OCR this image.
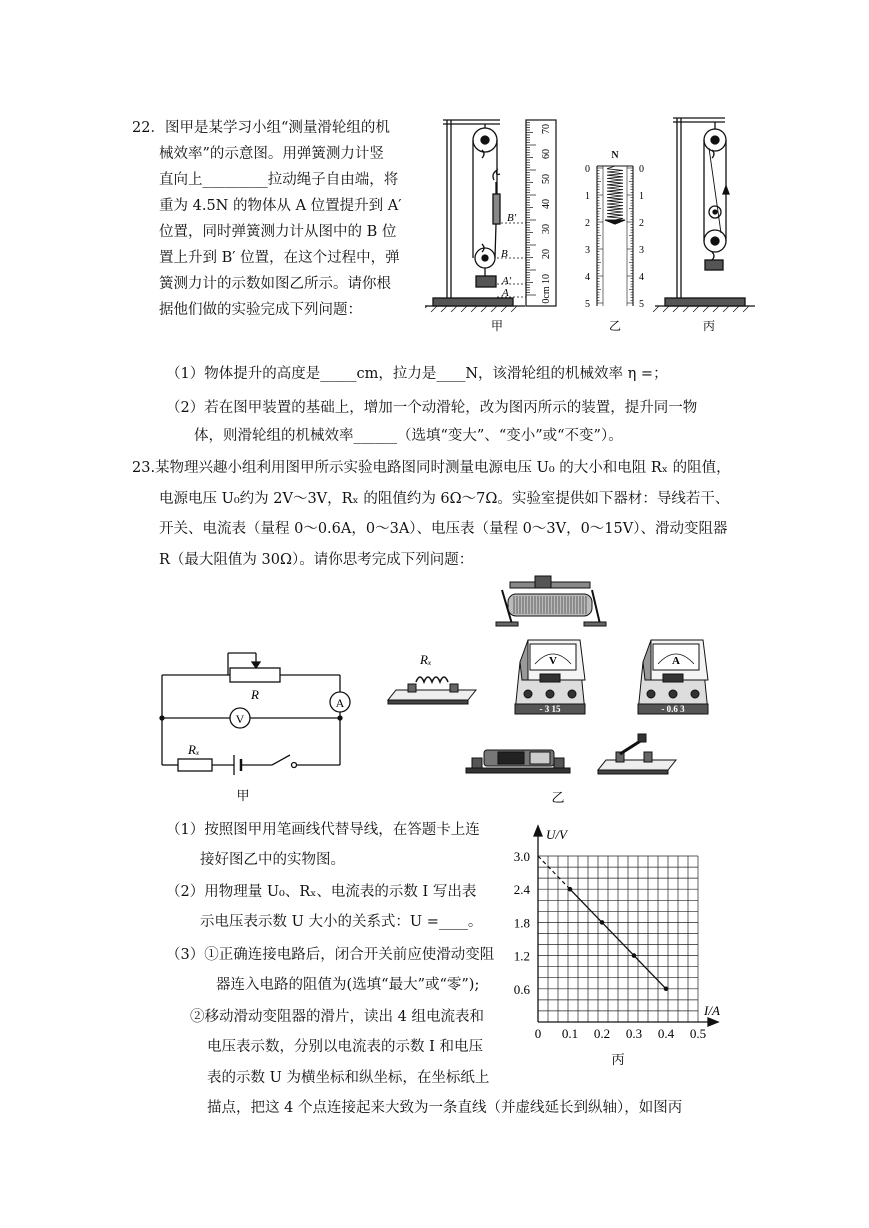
22．图甲是某学习小组“测量滑轮组的机
械效率”的示意图。用弹簧测力计竖
直向上_________拉动绳子自由端，将
重为 4.5N 的物体从 A 位置提升到 A′
位置，同时弹簧测力计从图中的 B 位
置上升到 B′ 位置，在这个过程中，弹
簧测力计的示数如图乙所示。请你根
据他们做的实验完成下列问题：
70
60
50
40
30
20
10
0cm
B′
B
A′
A
N
0
1
2
3
4
5
0
1
2
3
4
5
甲	乙	丙
（1）物体提升的高度是_____cm，拉力是____N，该滑轮组的机械效率 η =；
（2）若在图甲装置的基础上，增加一个动滑轮，改为图丙所示的装置，提升同一物
体，则滑轮组的机械效率______（选填“变大”、“变小”或“不变”）。
23.某物理兴趣小组利用图甲所示实验电路图同时测量电源电压 U₀ 的大小和电阻 Rₓ 的阻值，
电源电压 U₀约为 2V～3V，Rₓ 的阻值约为 6Ω～7Ω。实验室提供如下器材：导线若干、
开关、电流表（量程 0～0.6A，0～3A）、电压表（量程 0～3V，0～15V）、滑动变阻器
R（最大阻值为 30Ω）。请你思考完成下列问题：
R
A
V
Rₓ
甲
Rₓ	V
- 3 15
A
- 0.6 3
乙
（1）按照图甲用笔画线代替导线，在答题卡上连
接好图乙中的实物图。
（2）用物理量 U₀、Rₓ、电流表的示数 I 写出表
示电压表示数 U 大小的关系式：U =____。
（3）①正确连接电路后，闭合开关前应使滑动变阻
器连入电路的阻值为(选填“最大”或“零”);
②移动滑动变阻器的滑片，读出 4 组电流表和
电压表示数，分别以电流表的示数 I 和电压
表的示数 U 为横坐标和纵坐标，在坐标纸上
描点，把这 4 个点连接起来大致为一条直线（并虚线延长到纵轴），如图丙
U/V
I/A
3.0
2.4
1.8
1.2
0.6
0 0.1 0.2 0.3 0.4 0.5
丙
